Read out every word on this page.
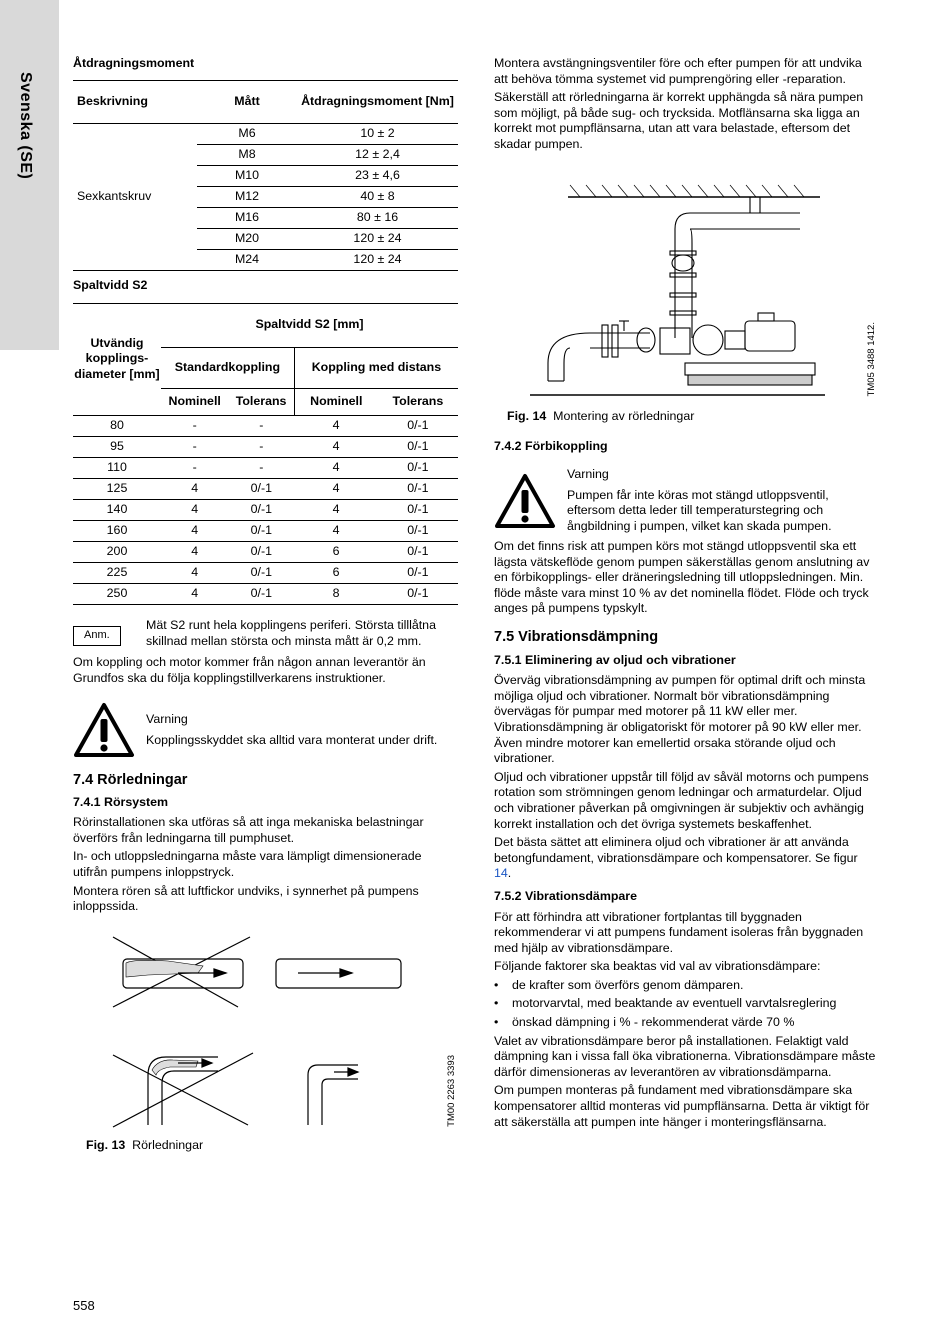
Svenska (SE)
Åtdragningsmoment
Beskrivning	Mått	Åtdragningsmoment [Nm]
Sexkantskruv	M6	10 ± 2
	M8	12 ± 2,4
	M10	23 ± 4,6
	M12	40 ± 8
	M16	80 ± 16
	M20	120 ± 24
	M24	120 ± 24
Spaltvidd S2
Utvändig kopplings-diameter [mm]	Spaltvidd S2 [mm]			
	Standardkoppling		Koppling med distans	
	Nominell	Tolerans	Nominell	Tolerans
80	-	-	4	0/-1
95	-	-	4	0/-1
110	-	-	4	0/-1
125	4	0/-1	4	0/-1
140	4	0/-1	4	0/-1
160	4	0/-1	4	0/-1
200	4	0/-1	6	0/-1
225	4	0/-1	6	0/-1
250	4	0/-1	8	0/-1
Anm.

Mät S2 runt hela kopplingens periferi. Största tilllåtna skillnad mellan största och minsta mått är 0,2 mm.

Om koppling och motor kommer från någon annan leverantör än Grundfos ska du följa kopplingstillverkarens instruktioner.

Varning

Kopplingsskyddet ska alltid vara monterat under drift.

7.4 Rörledningar
7.4.1 Rörsystem

Rörinstallationen ska utföras så att inga mekaniska belastningar överförs från ledningarna till pumphuset.

In- och utloppsledningarna måste vara lämpligt dimensionerade utifrån pumpens inloppstryck.

Montera rören så att luftfickor undviks, i synnerhet på pumpens inloppssida.

TM00 2263 3393
Fig. 13 Rörledningar
558

Montera avstängningsventiler före och efter pumpen för att undvika att behöva tömma systemet vid pumprengöring eller -reparation.

Säkerställ att rörledningarna är korrekt upphängda så nära pumpen som möjligt, på både sug- och trycksida. Motflänsarna ska ligga an korrekt mot pumpflänsarna, utan att vara belastade, eftersom det skadar pumpen.

TM05 3488 1412.
Fig. 14 Montering av rörledningar
7.4.2 Förbikoppling

Varning

Pumpen får inte köras mot stängd utloppsventil, eftersom detta leder till temperaturstegring och ångbildning i pumpen, vilket kan skada pumpen.

Om det finns risk att pumpen körs mot stängd utloppsventil ska ett lägsta vätskeflöde genom pumpen säkerställas genom anslutning av en förbikopplings- eller dräneringsledning till utloppsledningen. Min. flöde måste vara minst 10 % av det nominella flödet. Flöde och tryck anges på pumpens typskylt.

7.5 Vibrationsdämpning
7.5.1 Eliminering av oljud och vibrationer

Överväg vibrationsdämpning av pumpen för optimal drift och minsta möjliga oljud och vibrationer. Normalt bör vibrationsdämpning övervägas för pumpar med motorer på 11 kW eller mer. Vibrationsdämpning är obligatoriskt för motorer på 90 kW eller mer. Även mindre motorer kan emellertid orsaka störande oljud och vibrationer.

Oljud och vibrationer uppstår till följd av såväl motorns och pumpens rotation som strömningen genom ledningar och armaturdelar. Oljud och vibrationer påverkan på omgivningen är subjektiv och avhängig korrekt installation och det övriga systemets beskaffenhet.

Det bästa sättet att eliminera oljud och vibrationer är att använda betongfundament, vibrationsdämpare och kompensatorer. Se figur 14.

7.5.2 Vibrationsdämpare

För att förhindra att vibrationer fortplantas till byggnaden rekommenderar vi att pumpens fundament isoleras från byggnaden med hjälp av vibrationsdämpare.

Följande faktorer ska beaktas vid val av vibrationsdämpare:

• de krafter som överförs genom dämparen.
• motorvarvtal, med beaktande av eventuell varvtalsreglering
• önskad dämpning i % - rekommenderat värde 70 %

Valet av vibrationsdämpare beror på installationen. Felaktigt vald dämpning kan i vissa fall öka vibrationerna. Vibrationsdämpare måste därför dimensioneras av leverantören av vibrationsdämparna.

Om pumpen monteras på fundament med vibrationsdämpare ska kompensatorer alltid monteras vid pumpflänsarna. Detta är viktigt för att säkerställa att pumpen inte hänger i monteringsflänsarna.
